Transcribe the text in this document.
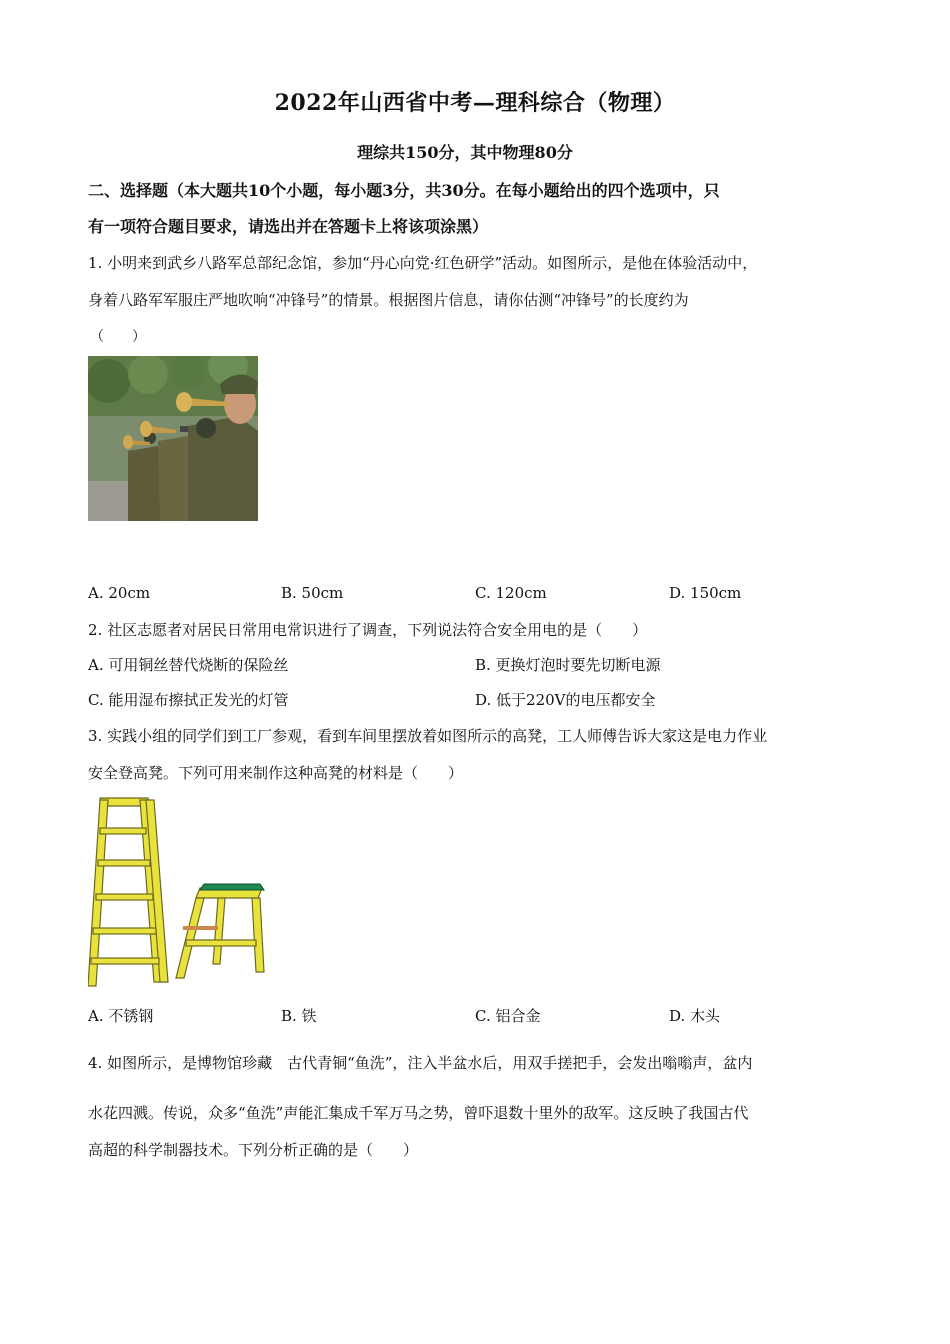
2022年山西省中考—理科综合（物理）
理综共150分，其中物理80分
二、选择题（本大题共10个小题，每小题3分，共30分。在每小题给出的四个选项中，只
有一项符合题目要求，请选出并在答题卡上将该项涂黑）
1. 小明来到武乡八路军总部纪念馆，参加“丹心向党·红色研学”活动。如图所示，是他在体验活动中，
身着八路军军服庄严地吹响“冲锋号”的情景。根据图片信息，请你估测“冲锋号”的长度约为
（　　）
A. 20cm	B. 50cm	C. 120cm	D. 150cm
2. 社区志愿者对居民日常用电常识进行了调查，下列说法符合安全用电的是（　　）
A. 可用铜丝替代烧断的保险丝	B. 更换灯泡时要先切断电源
C. 能用湿布擦拭正发光的灯管	D. 低于220V的电压都安全
3. 实践小组的同学们到工厂参观，看到车间里摆放着如图所示的高凳，工人师傅告诉大家这是电力作业
安全登高凳。下列可用来制作这种高凳的材料是（　　）
A. 不锈钢	B. 铁	C. 铝合金	D. 木头
4. 如图所示，是博物馆珍藏　古代青铜“鱼洗”，注入半盆水后，用双手搓把手，会发出嗡嗡声，盆内
水花四溅。传说，众多“鱼洗”声能汇集成千军万马之势，曾吓退数十里外的敌军。这反映了我国古代
高超的科学制器技术。下列分析正确的是（　　）
